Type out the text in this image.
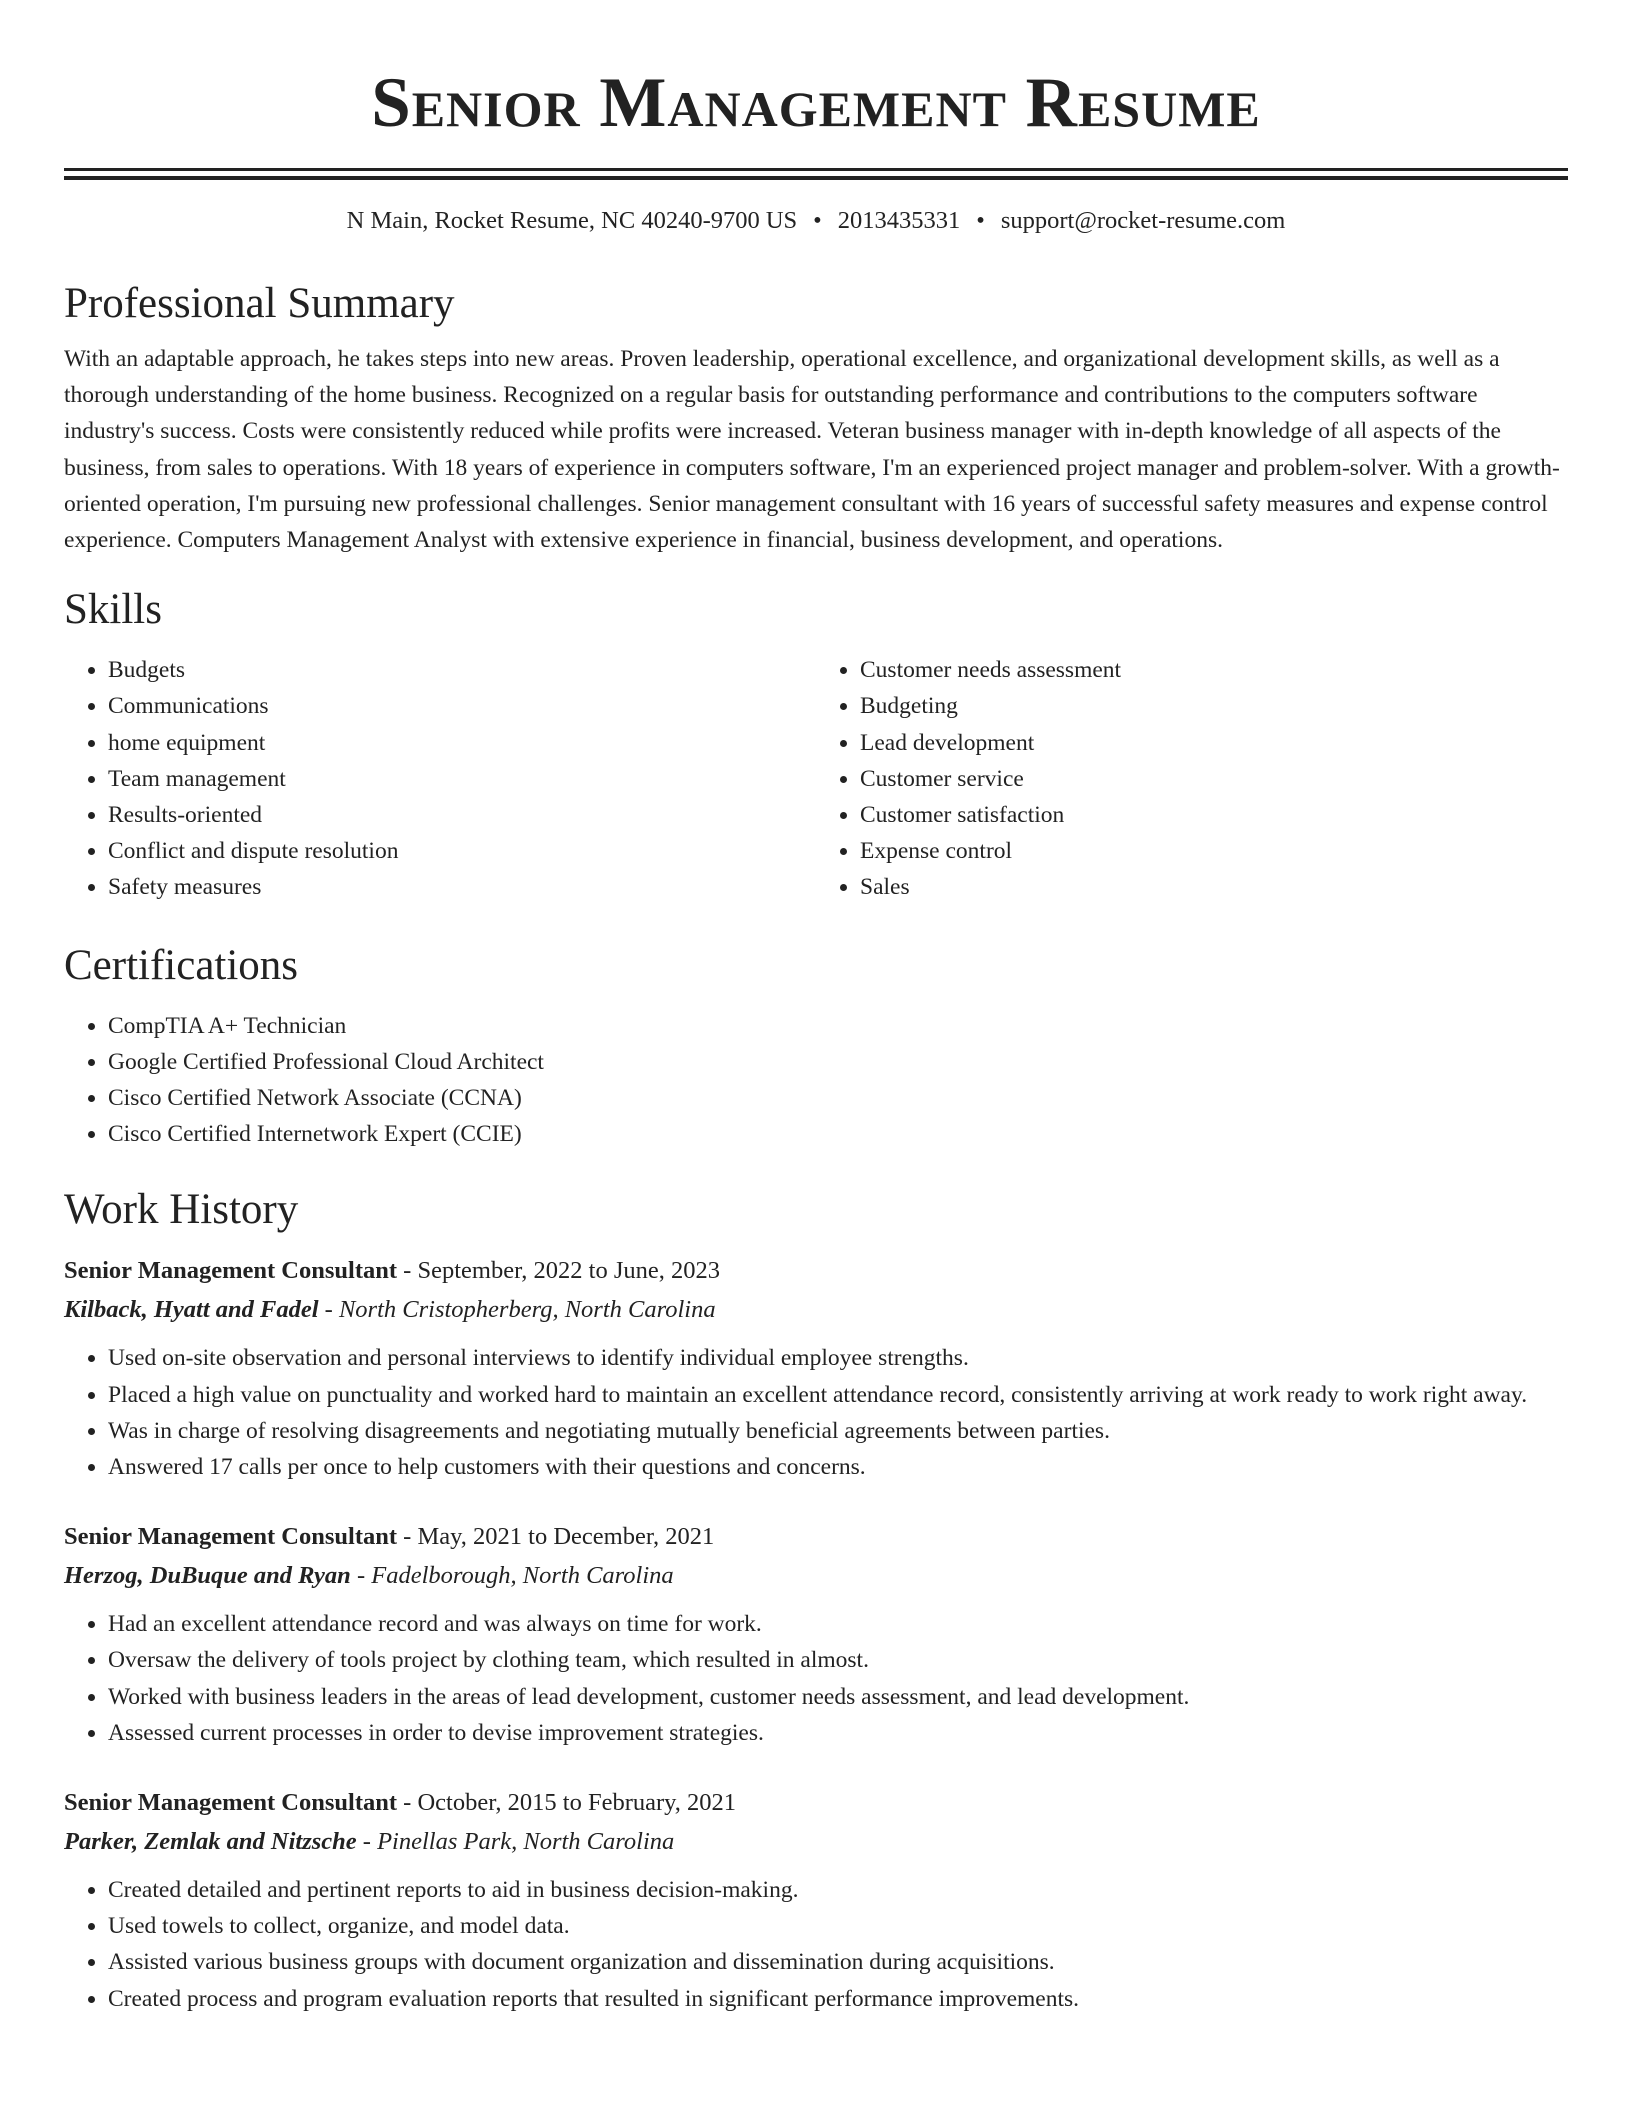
Senior Management Resume
N Main, Rocket Resume, NC 40240-9700 US • 2013435331 • support@rocket-resume.com
Professional Summary

With an adaptable approach, he takes steps into new areas. Proven leadership, operational excellence, and organizational development skills, as well as a thorough understanding of the home business. Recognized on a regular basis for outstanding performance and contributions to the computers software industry's success. Costs were consistently reduced while profits were increased. Veteran business manager with in-depth knowledge of all aspects of the business, from sales to operations. With 18 years of experience in computers software, I'm an experienced project manager and problem-solver. With a growth-oriented operation, I'm pursuing new professional challenges. Senior management consultant with 16 years of successful safety measures and expense control experience. Computers Management Analyst with extensive experience in financial, business development, and operations.

Skills
• Budgets
• Communications
• home equipment
• Team management
• Results-oriented
• Conflict and dispute resolution
• Safety measures
• Customer needs assessment
• Budgeting
• Lead development
• Customer service
• Customer satisfaction
• Expense control
• Sales
Certifications
• CompTIA A+ Technician
• Google Certified Professional Cloud Architect
• Cisco Certified Network Associate (CCNA)
• Cisco Certified Internetwork Expert (CCIE)
Work History
Senior Management Consultant - September, 2022 to June, 2023
Kilback, Hyatt and Fadel - North Cristopherberg, North Carolina
• Used on-site observation and personal interviews to identify individual employee strengths.
• Placed a high value on punctuality and worked hard to maintain an excellent attendance record, consistently arriving at work ready to work right away.
• Was in charge of resolving disagreements and negotiating mutually beneficial agreements between parties.
• Answered 17 calls per once to help customers with their questions and concerns.
Senior Management Consultant - May, 2021 to December, 2021
Herzog, DuBuque and Ryan - Fadelborough, North Carolina
• Had an excellent attendance record and was always on time for work.
• Oversaw the delivery of tools project by clothing team, which resulted in almost.
• Worked with business leaders in the areas of lead development, customer needs assessment, and lead development.
• Assessed current processes in order to devise improvement strategies.
Senior Management Consultant - October, 2015 to February, 2021
Parker, Zemlak and Nitzsche - Pinellas Park, North Carolina
• Created detailed and pertinent reports to aid in business decision-making.
• Used towels to collect, organize, and model data.
• Assisted various business groups with document organization and dissemination during acquisitions.
• Created process and program evaluation reports that resulted in significant performance improvements.
